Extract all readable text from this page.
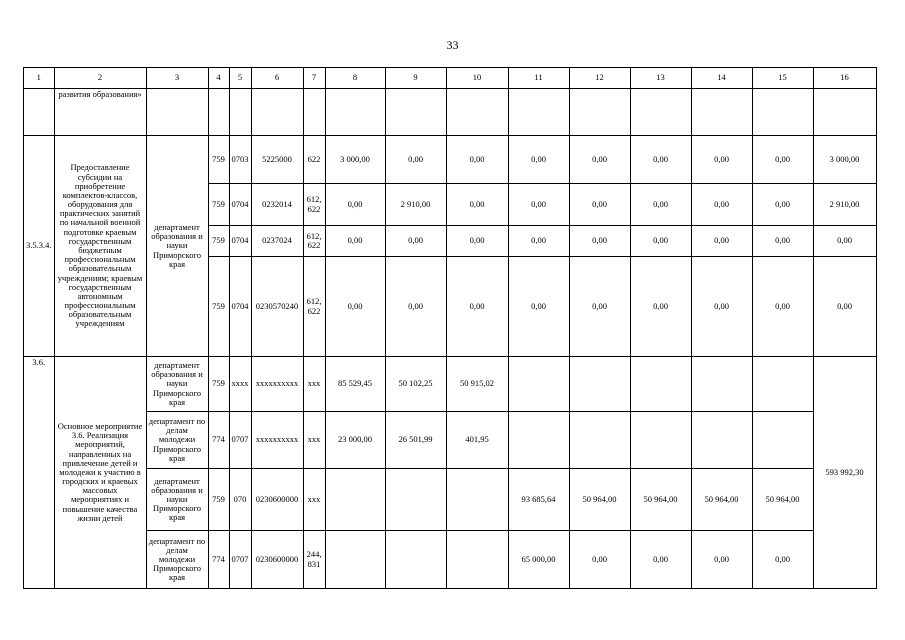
33
1	2	3	4	5	6	7	8	9	10	11	12	13	14	15	16
	развития образования»														
3.5.3.4.	Предоставление субсидии на приобретение комплектов-классов, оборудования для практических занятий по начальной военной подготовке краевым государственным бюджетным профессиональным образовательным учреждениям; краевым государственным автономным профессиональным образовательным учреждениям	департамент образования и науки Приморского края	759	0703	5225000	622	3 000,00	0,00	0,00	0,00	0,00	0,00	0,00	0,00	3 000,00
			759	0704	0232014	612, 622	0,00	2 910,00	0,00	0,00	0,00	0,00	0,00	0,00	2 910,00
			759	0704	0237024	612, 622	0,00	0,00	0,00	0,00	0,00	0,00	0,00	0,00	0,00
			759	0704	0230570240	612, 622	0,00	0,00	0,00	0,00	0,00	0,00	0,00	0,00	0,00
3.6.	Основное мероприятие 3.6. Реализация мероприятий, направленных на привлечение детей и молодежи к участию в городских и краевых массовых мероприятиях и повышение качества жизни детей	департамент образования и науки Приморского края	759	хххх	хххххххххх	ххх	85 529,45	50 102,25	50 915,02						593 992,30
		департамент по делам молодежи Приморского края	774	0707	хххххххххх	ххх	23 000,00	26 501,99	401,95						
		департамент образования и науки Приморского края	759	070	0230600000	ххх				93 685,64	50 964,00	50 964,00	50 964,00	50 964,00	
		департамент по делам молодежи Приморского края	774	0707	0230600000	244, 831				65 000,00	0,00	0,00	0,00	0,00	
